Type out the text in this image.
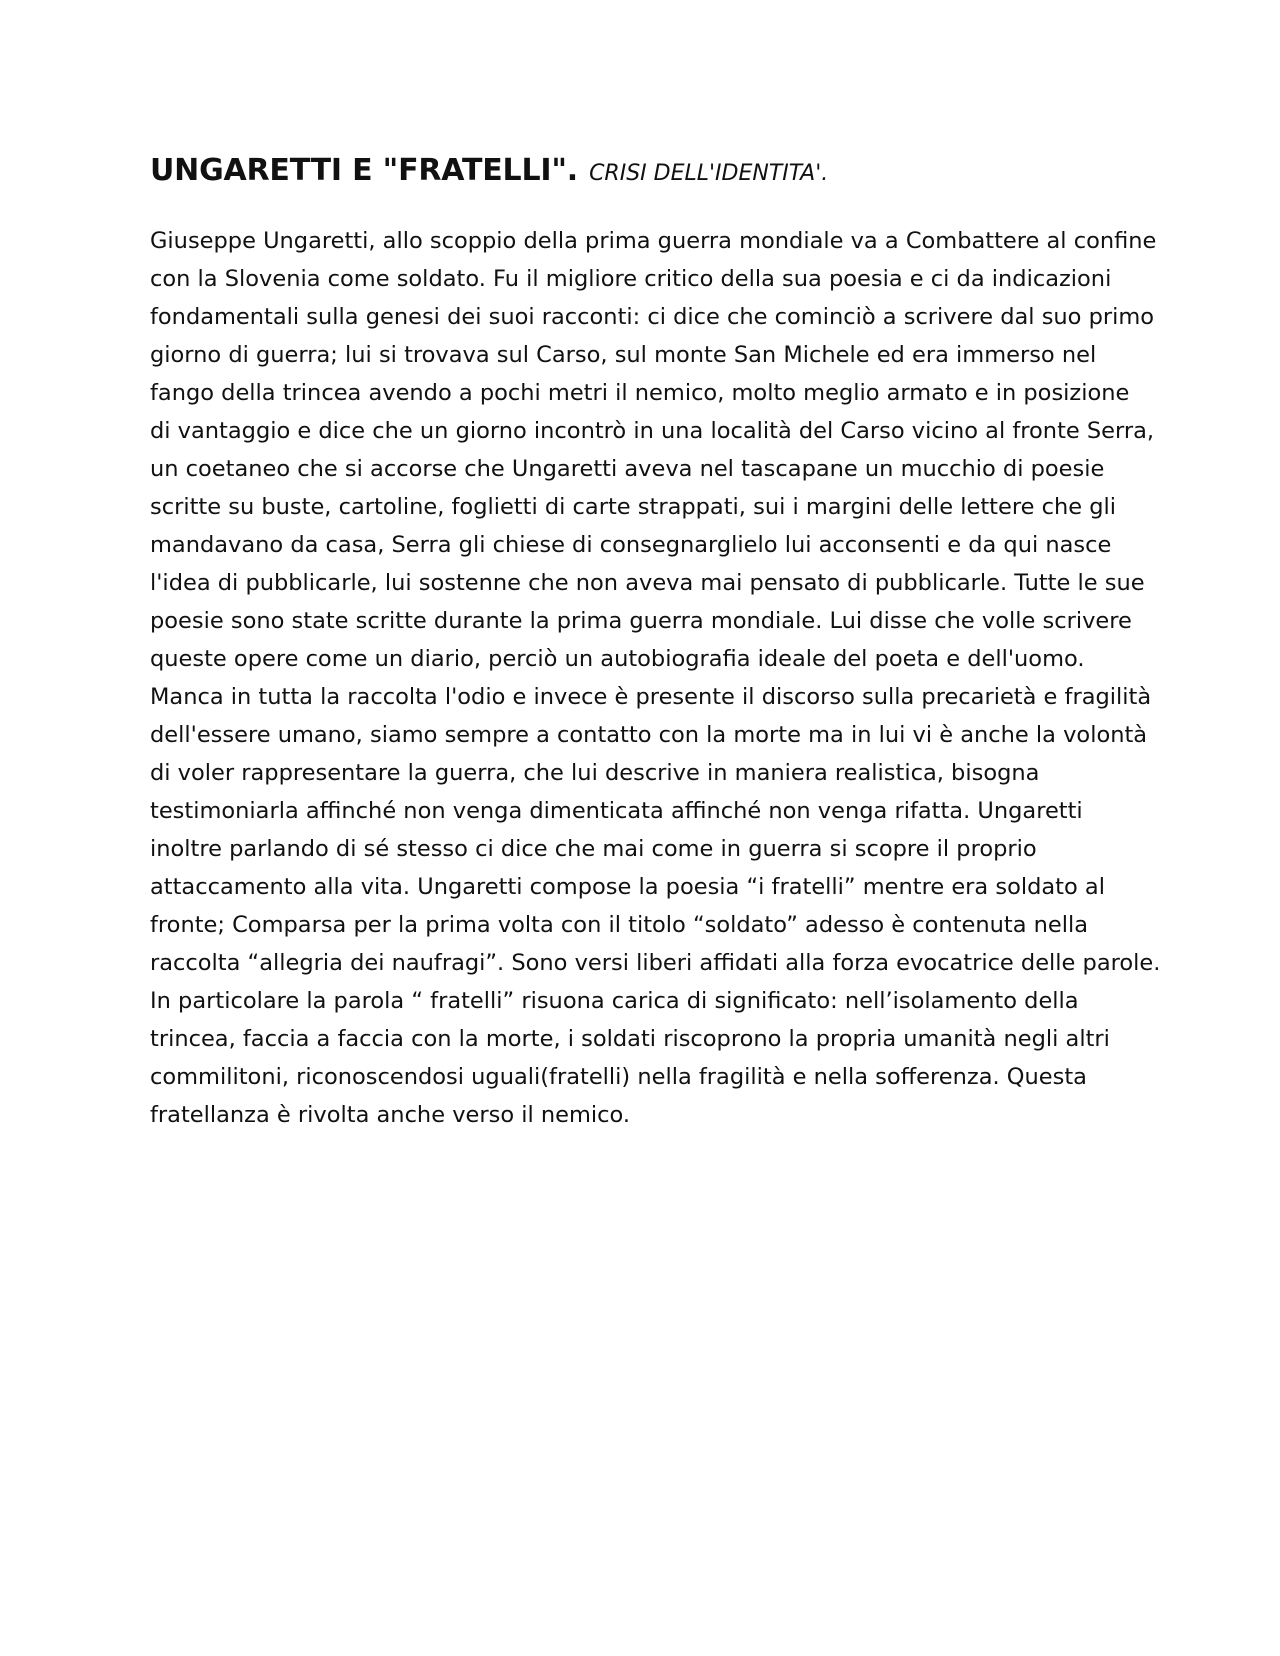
UNGARETTI E "FRATELLI". CRISI DELL'IDENTITA'.
Giuseppe Ungaretti, allo scoppio della prima guerra mondiale va a Combattere al confine
con la Slovenia come soldato. Fu il migliore critico della sua poesia e ci da indicazioni
fondamentali sulla genesi dei suoi racconti: ci dice che cominciò a scrivere dal suo primo
giorno di guerra; lui si trovava sul Carso, sul monte San Michele ed era immerso nel
fango della trincea avendo a pochi metri il nemico, molto meglio armato e in posizione
di vantaggio e dice che un giorno incontrò in una località del Carso vicino al fronte Serra,
un coetaneo che si accorse che Ungaretti aveva nel tascapane un mucchio di poesie
scritte su buste, cartoline, foglietti di carte strappati, sui i margini delle lettere che gli
mandavano da casa, Serra gli chiese di consegnarglielo lui acconsenti e da qui nasce
l'idea di pubblicarle, lui sostenne che non aveva mai pensato di pubblicarle. Tutte le sue
poesie sono state scritte durante la prima guerra mondiale. Lui disse che volle scrivere
queste opere come un diario, perciò un autobiografia ideale del poeta e dell'uomo.
Manca in tutta la raccolta l'odio e invece è presente il discorso sulla precarietà e fragilità
dell'essere umano, siamo sempre a contatto con la morte ma in lui vi è anche la volontà
di voler rappresentare la guerra, che lui descrive in maniera realistica, bisogna
testimoniarla affinché non venga dimenticata affinché non venga rifatta. Ungaretti
inoltre parlando di sé stesso ci dice che mai come in guerra si scopre il proprio
attaccamento alla vita. Ungaretti compose la poesia “i fratelli” mentre era soldato al
fronte; Comparsa per la prima volta con il titolo “soldato” adesso è contenuta nella
raccolta “allegria dei naufragi”. Sono versi liberi affidati alla forza evocatrice delle parole.
In particolare la parola “ fratelli” risuona carica di significato: nell’isolamento della
trincea, faccia a faccia con la morte, i soldati riscoprono la propria umanità negli altri
commilitoni, riconoscendosi uguali(fratelli) nella fragilità e nella sofferenza. Questa
fratellanza è rivolta anche verso il nemico.
